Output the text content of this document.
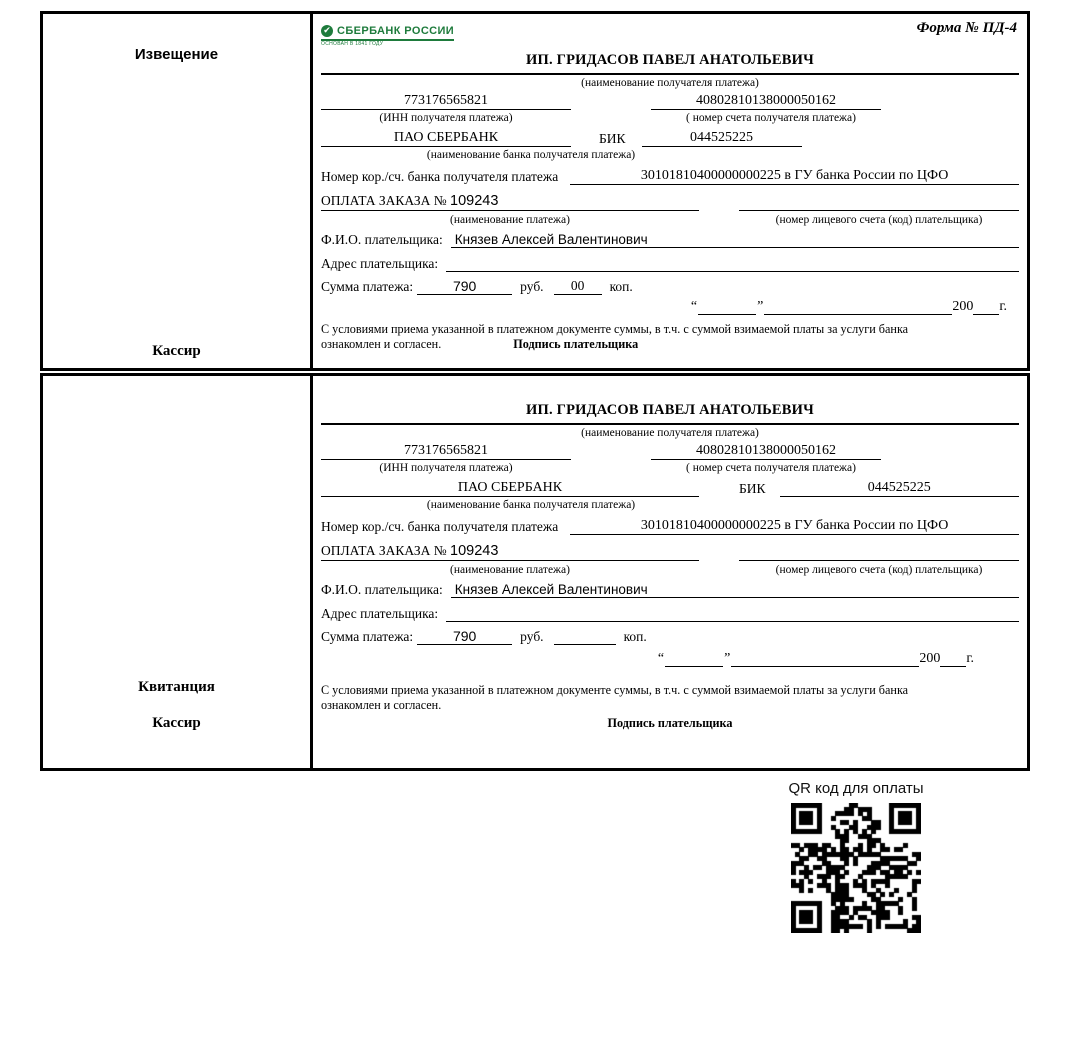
Извещение
Кассир
✔ СБЕРБАНК РОССИИ
ОСНОВАН В 1841 ГОДУ
Форма № ПД-4
ИП. ГРИДАСОВ ПАВЕЛ АНАТОЛЬЕВИЧ
(наименование получателя платежа)
773176565821	40802810138000050162
(ИНН получателя платежа)	( номер счета получателя платежа)
ПАО СБЕРБАНК	БИК	044525225
(наименование банка получателя платежа)
Номер кор./сч. банка получателя платежа	30101810400000000225 в ГУ банка России по ЦФО
ОПЛАТА ЗАКАЗА № 109243
(наименование платежа)	(номер лицевого счета (код) плательщика)
Ф.И.О. плательщика: Князев Алексей Валентинович
Адрес плательщика:
Сумма платежа:	790	руб.	00	коп.
“	”	200 г.
С условиями приема указанной в платежном документе суммы, в т.ч. с суммой взимаемой платы за услуги банка
ознакомлен и согласен.	Подпись плательщика
Квитанция
Кассир
ИП. ГРИДАСОВ ПАВЕЛ АНАТОЛЬЕВИЧ
(наименование получателя платежа)
773176565821	40802810138000050162
(ИНН получателя платежа)	( номер счета получателя платежа)
ПАО СБЕРБАНК	БИК	044525225
(наименование банка получателя платежа)
Номер кор./сч. банка получателя платежа	30101810400000000225 в ГУ банка России по ЦФО
ОПЛАТА ЗАКАЗА № 109243
(наименование платежа)	(номер лицевого счета (код) плательщика)
Ф.И.О. плательщика: Князев Алексей Валентинович
Адрес плательщика:
Сумма платежа:	790	руб.	коп.
“	”	200 г.
С условиями приема указанной в платежном документе суммы, в т.ч. с суммой взимаемой платы за услуги банка
ознакомлен и согласен.
Подпись плательщика
QR код для оплаты
